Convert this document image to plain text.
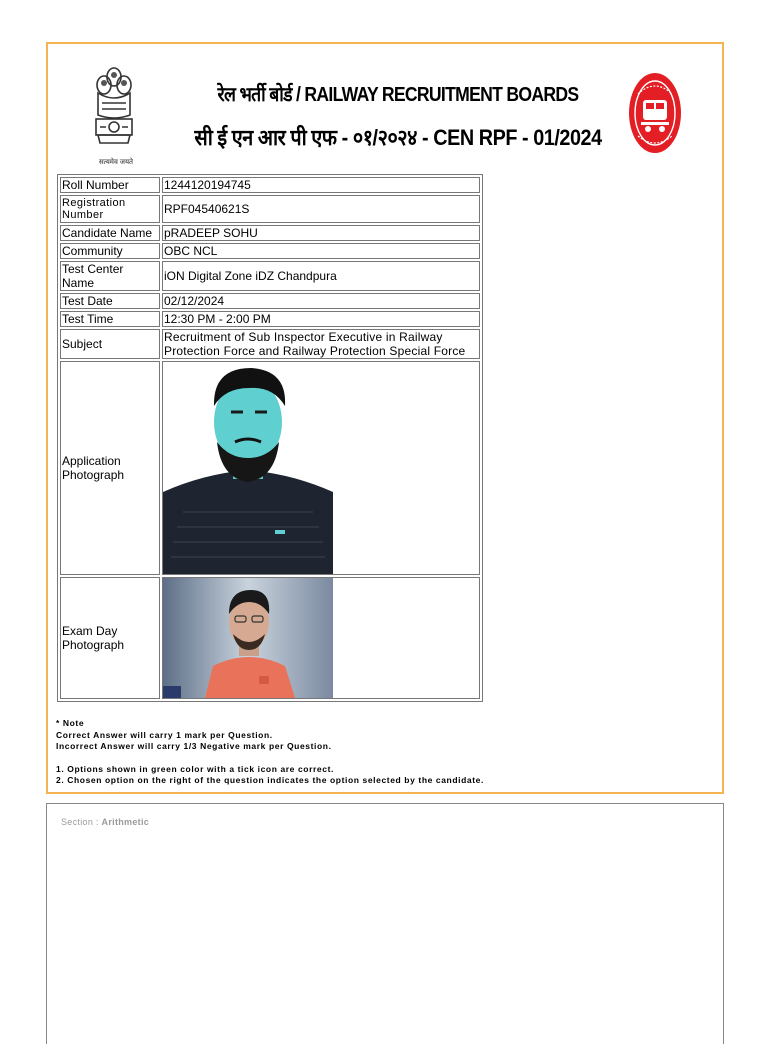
सत्यमेव जयते
रेल भर्ती बोर्ड / RAILWAY RECRUITMENT BOARDS
सी ई एन आर पी एफ - ०१/२०२४ - CEN RPF - 01/2024
Roll Number	1244120194745
Registration Number	RPF04540621S
Candidate Name	pRADEEP SOHU
Community	OBC NCL
Test Center Name	iON Digital Zone iDZ Chandpura
Test Date	02/12/2024
Test Time	12:30 PM - 2:00 PM
Subject	Recruitment of Sub Inspector Executive in Railway Protection Force and Railway Protection Special Force
Application Photograph	

Exam Day Photograph	

* Note

Correct Answer will carry 1 mark per Question.

Incorrect Answer will carry 1/3 Negative mark per Question.

1. Options shown in green color with a tick icon are correct.

2. Chosen option on the right of the question indicates the option selected by the candidate.

Section : Arithmetic
